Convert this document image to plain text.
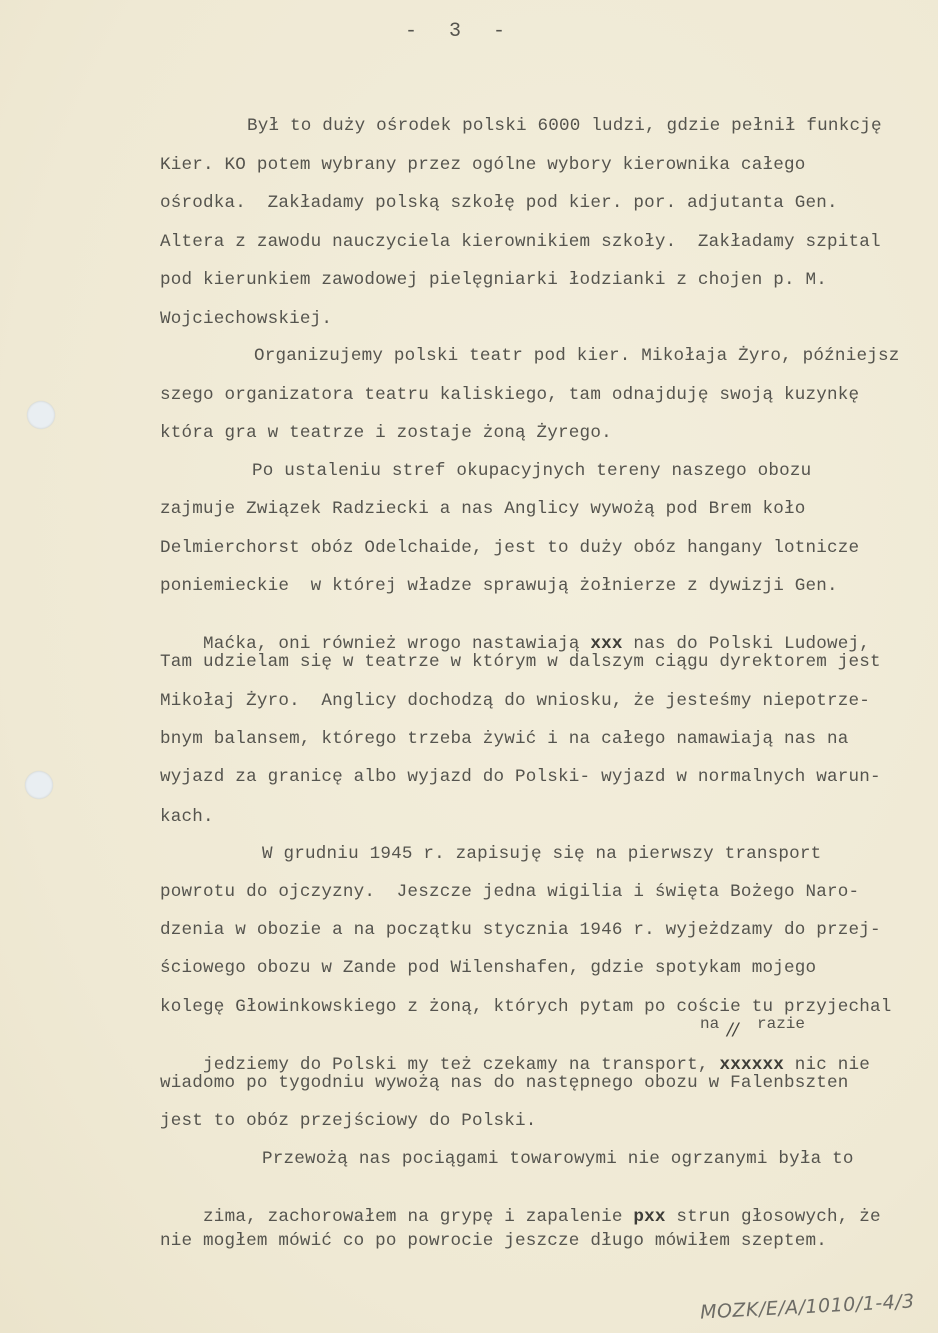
- 3 -
Był to duży ośrodek polski 6000 ludzi, gdzie pełnił funkcję
Kier. KO potem wybrany przez ogólne wybory kierownika całego
ośrodka.  Zakładamy polską szkołę pod kier. por. adjutanta Gen.
Altera z zawodu nauczyciela kierownikiem szkoły.  Zakładamy szpital
pod kierunkiem zawodowej pielęgniarki łodzianki z chojen p. M.
Wojciechowskiej.
Organizujemy polski teatr pod kier. Mikołaja Żyro, późniejsz
szego organizatora teatru kaliskiego, tam odnajduję swoją kuzynkę
która gra w teatrze i zostaje żoną Żyrego.
Po ustaleniu stref okupacyjnych tereny naszego obozu
zajmuje Związek Radziecki a nas Anglicy wywożą pod Brem koło
Delmierchorst obóz Odelchaide, jest to duży obóz hangany lotnicze
poniemieckie  w której władze sprawują żołnierze z dywizji Gen.

Maćka, oni również wrogo nastawiają xxx nas do Polski Ludowej,

Tam udzielam się w teatrze w którym w dalszym ciągu dyrektorem jest
Mikołaj Żyro.  Anglicy dochodzą do wniosku, że jesteśmy niepotrze-
bnym balansem, którego trzeba żywić i na całego namawiają nas na
wyjazd za granicę albo wyjazd do Polski- wyjazd w normalnych warun-
kach.
W grudniu 1945 r. zapisuję się na pierwszy transport
powrotu do ojczyzny.  Jeszcze jedna wigilia i święta Bożego Naro-
dzenia w obozie a na początku stycznia 1946 r. wyjeżdzamy do przej-
ściowego obozu w Zande pod Wilenshafen, gdzie spotykam mojego
kolegę Głowinkowskiego z żoną, których pytam po coście tu przyjechal
na // razie

jedziemy do Polski my też czekamy na transport, xxxxxx nic nie

wiadomo po tygodniu wywożą nas do następnego obozu w Falenbszten
jest to obóz przejściowy do Polski.
Przewożą nas pociągami towarowymi nie ogrzanymi była to

zima, zachorowałem na grypę i zapalenie pxx strun głosowych, że

nie mogłem mówić co po powrocie jeszcze długo mówiłem szeptem.
MOZK/E/A/1010/1-4/3
